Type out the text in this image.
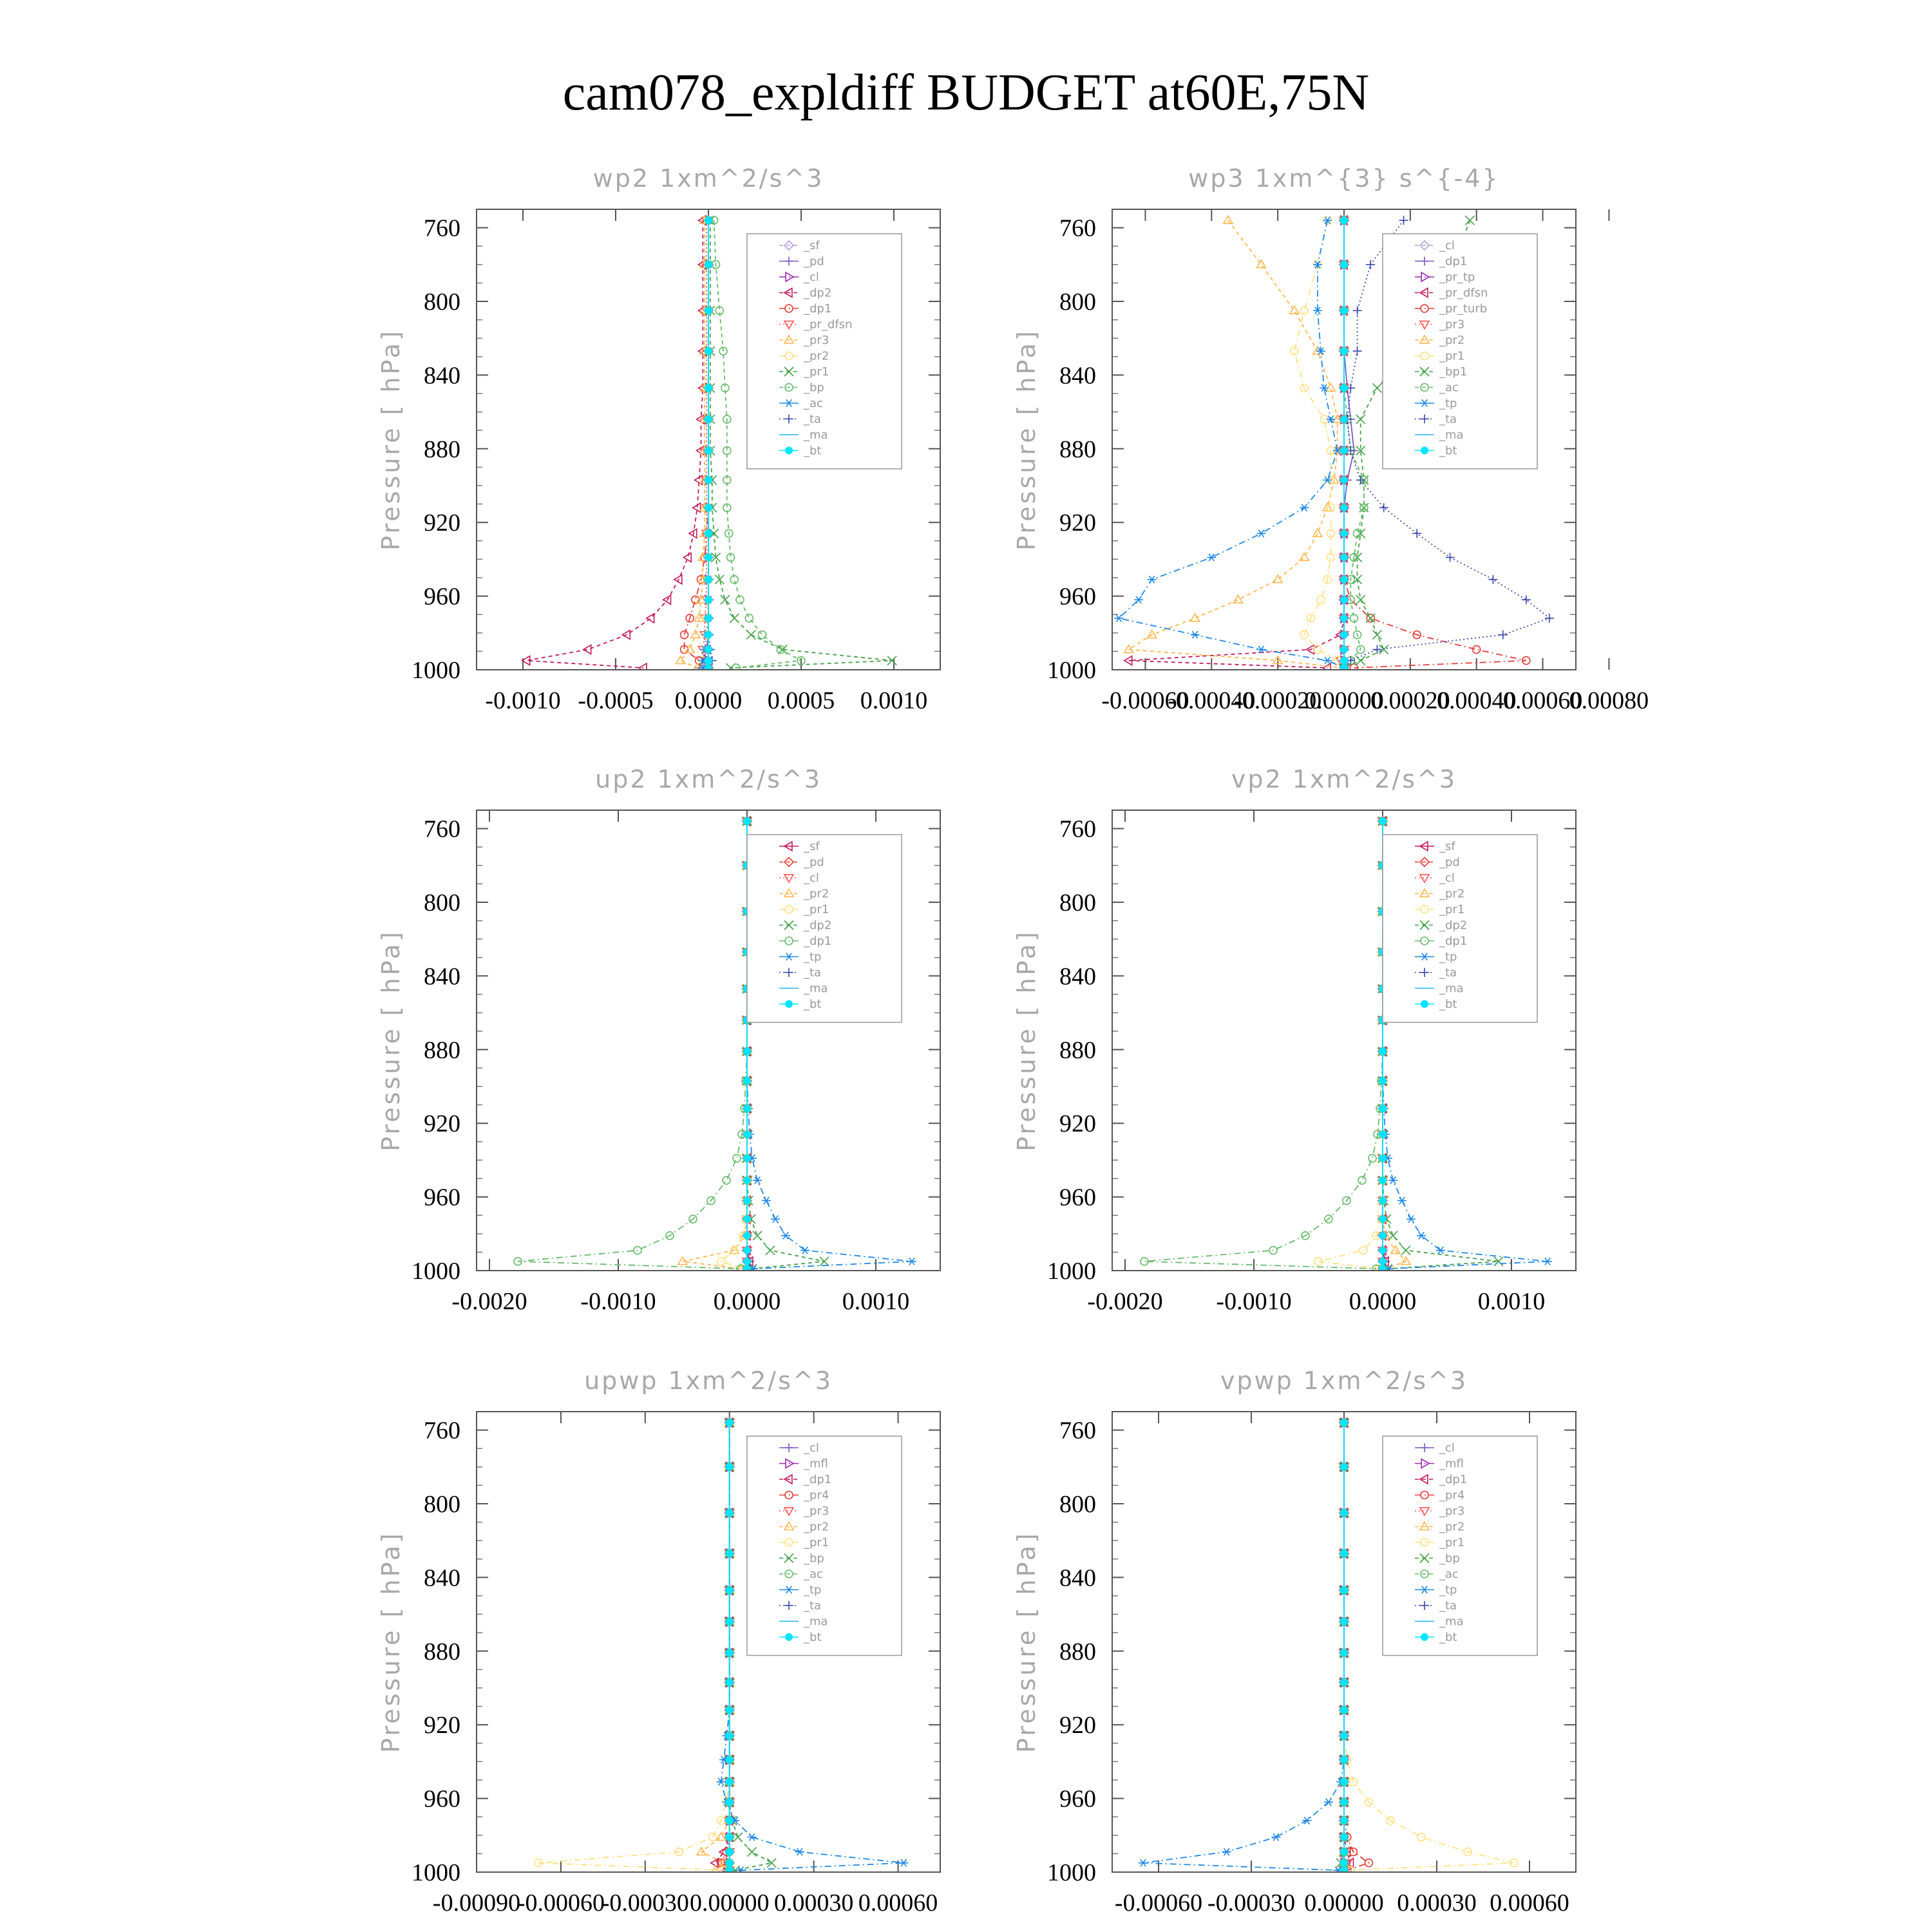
cam078_expldiff BUDGET at60E,75N
wp2 1xm^2/s^3
Pressure [ hPa]
760
800
840
880
920
960
1000
-0.0010 -0.0005 0.0000 0.0005 0.0010
_sf
_pd
_cl
_dp2
_dp1
_pr_dfsn
_pr3
_pr2
_pr1
_bp
_ac
_ta
_ma
_bt
wp3 1xm^{3} s^{-4}
Pressure [ hPa]
760
800
840
880
920
960
1000
-0.00060
-0.00040
-0.00020
0.00000
0.00020
0.00040
0.00060
0.00080
_cl
_dp1
_pr_tp
_pr_dfsn
_pr_turb
_pr3
_pr2
_pr1
_bp1
_ac
_tp
_ta
_ma
_bt
up2 1xm^2/s^3
Pressure [ hPa]
760
800
840
880
920
960
1000
-0.0020 -0.0010 0.0000	0.0010
_sf
_pd
_cl
_pr2
_pr1
_dp2
_dp1
_tp
_ta
_ma
_bt
vp2 1xm^2/s^3
Pressure [ hPa]
760
800
840
880
920
960
1000
-0.0020 -0.0010 0.0000	0.0010
_sf
_pd
_cl
_pr2
_pr1
_dp2
_dp1
_tp
_ta
_ma
_bt
upwp 1xm^2/s^3
Pressure [ hPa]
760
800
840
880
920
960
1000
-0.00090
-0.00060
-0.00030 0.00000 0.00030 0.00060
_cl
_mfl
_dp1
_pr4
_pr3
_pr2
_pr1
_bp
_ac
_tp
_ta
_ma
_bt
vpwp 1xm^2/s^3
Pressure [ hPa]
760
800
840
880
920
960
1000
-0.00060 -0.00030 0.00000 0.00030 0.00060
_cl
_mfl
_dp1
_pr4
_pr3
_pr2
_pr1
_bp
_ac
_tp
_ta
_ma
_bt
